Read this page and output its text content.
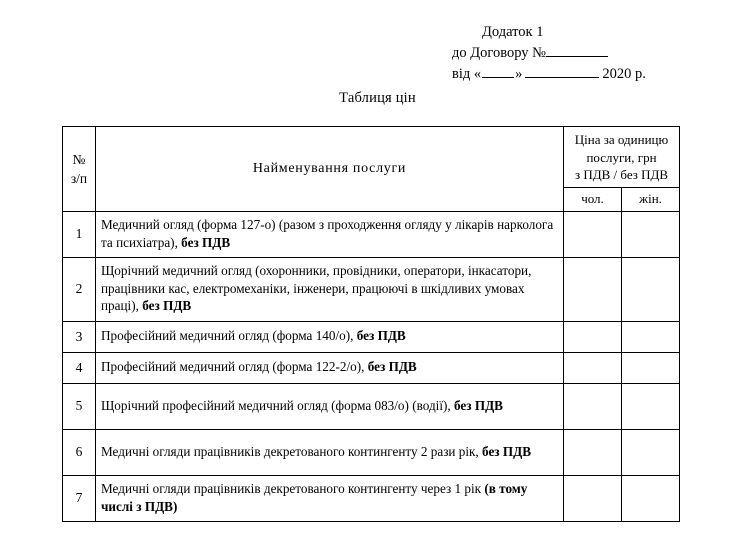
Додаток 1
до Договору №
від « »	2020 р.
Таблиця цін
№
з/п	Найменування послуги	Ціна за одиницю
послуги, грн
з ПДВ / без ПДВ	
		чол.	жін.
1	Медичний огляд (форма 127-о) (разом з проходження огляду у лікарів нарколога та психіатра), без ПДВ		
2	Щорічний медичний огляд (охоронники, провідники, оператори, інкасатори, працівники кас, електромеханіки, інженери, працюючі в шкідливих умовах праці), без ПДВ		
3	Професійний медичний огляд (форма 140/о), без ПДВ		
4	Професійний медичний огляд (форма 122-2/о), без ПДВ		
5	Щорічний професійний медичний огляд (форма 083/о) (водії), без ПДВ		
6	Медичні огляди працівників декретованого контингенту 2 рази рік, без ПДВ		
7	Медичні огляди працівників декретованого контингенту через 1 рік (в тому числі з ПДВ)		
